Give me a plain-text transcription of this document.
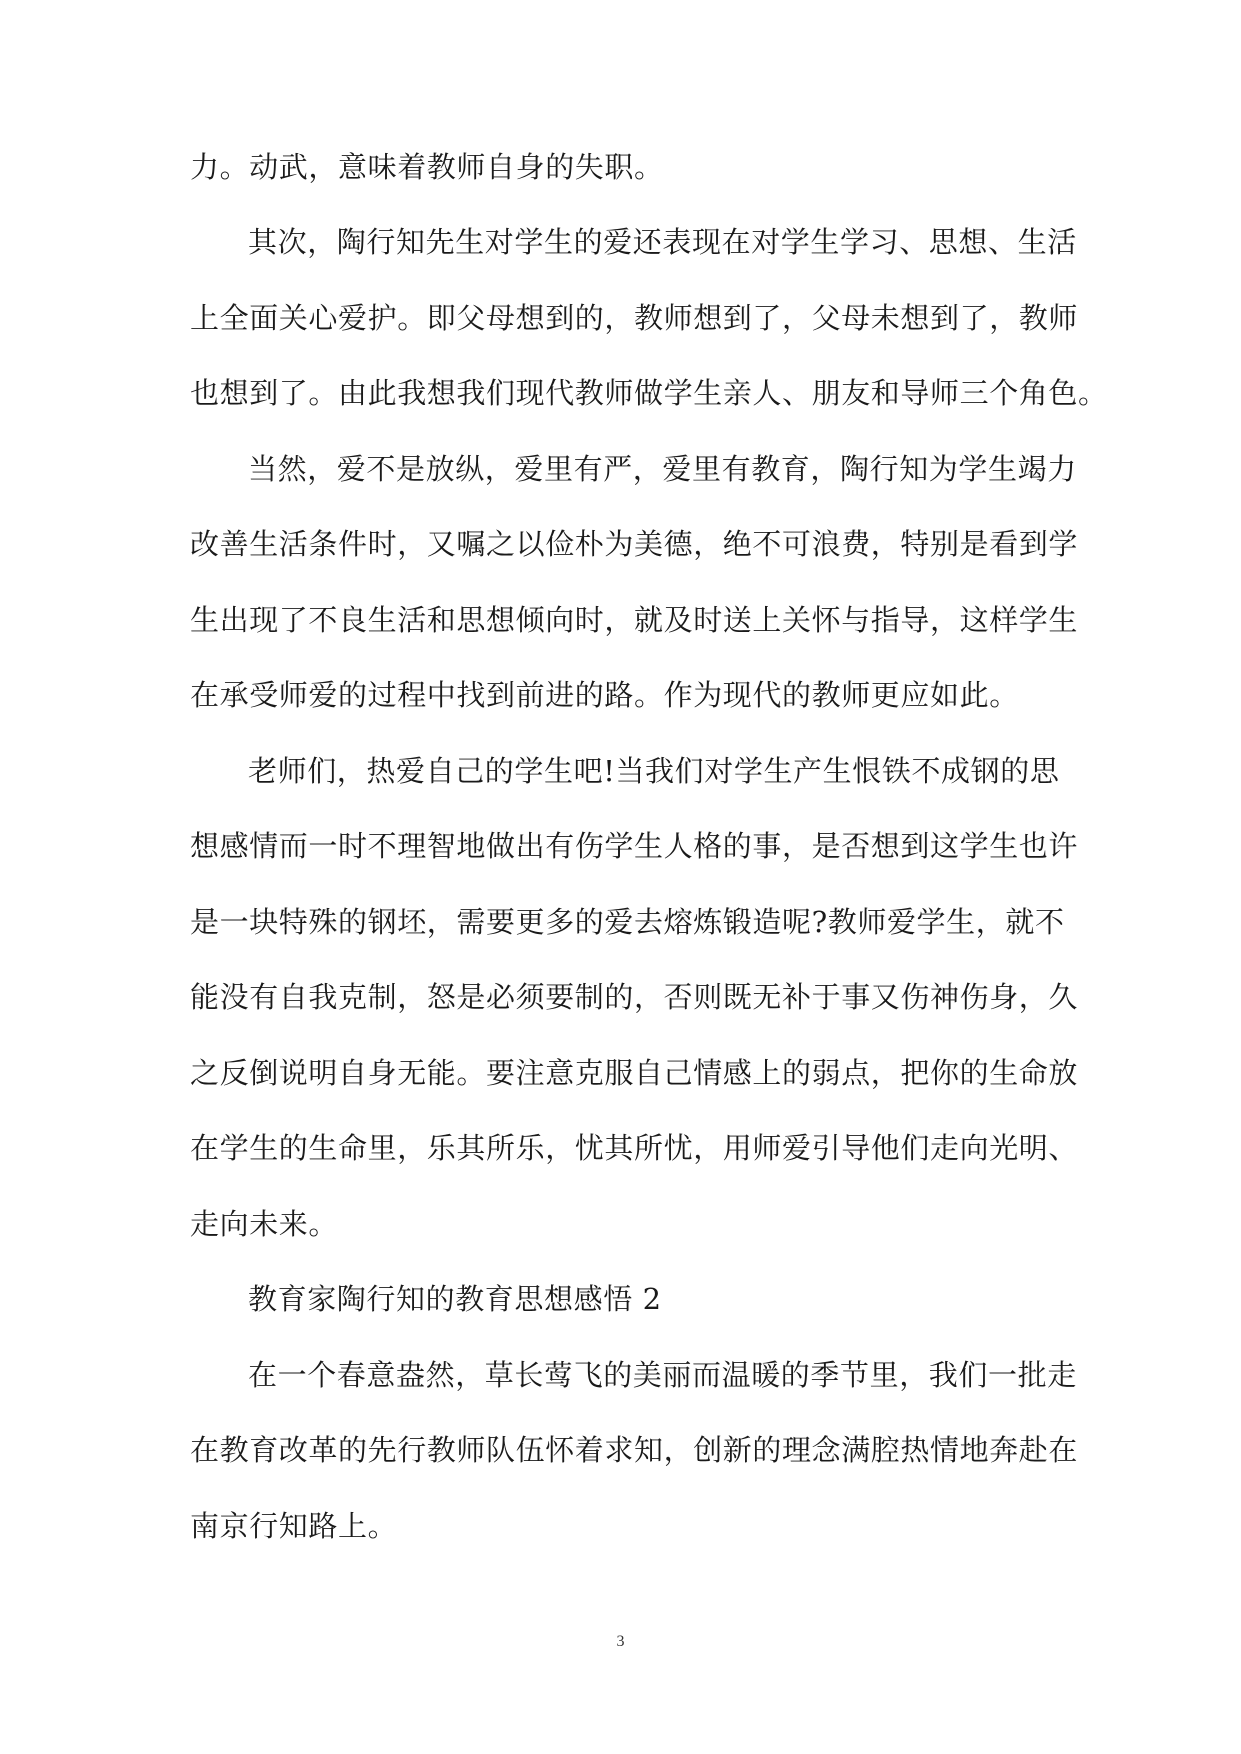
力。动武，意味着教师自身的失职。
其次，陶行知先生对学生的爱还表现在对学生学习、思想、生活
上全面关心爱护。即父母想到的，教师想到了，父母未想到了，教师
也想到了。由此我想我们现代教师做学生亲人、朋友和导师三个角色。
当然，爱不是放纵，爱里有严，爱里有教育，陶行知为学生竭力
改善生活条件时，又嘱之以俭朴为美德，绝不可浪费，特别是看到学
生出现了不良生活和思想倾向时，就及时送上关怀与指导，这样学生
在承受师爱的过程中找到前进的路。作为现代的教师更应如此。
老师们，热爱自己的学生吧!当我们对学生产生恨铁不成钢的思
想感情而一时不理智地做出有伤学生人格的事，是否想到这学生也许
是一块特殊的钢坯，需要更多的爱去熔炼锻造呢?教师爱学生，就不
能没有自我克制，怒是必须要制的，否则既无补于事又伤神伤身，久
之反倒说明自身无能。要注意克服自己情感上的弱点，把你的生命放
在学生的生命里，乐其所乐，忧其所忧，用师爱引导他们走向光明、
走向未来。
教育家陶行知的教育思想感悟 2
在一个春意盎然，草长莺飞的美丽而温暖的季节里，我们一批走
在教育改革的先行教师队伍怀着求知，创新的理念满腔热情地奔赴在
南京行知路上。
3
